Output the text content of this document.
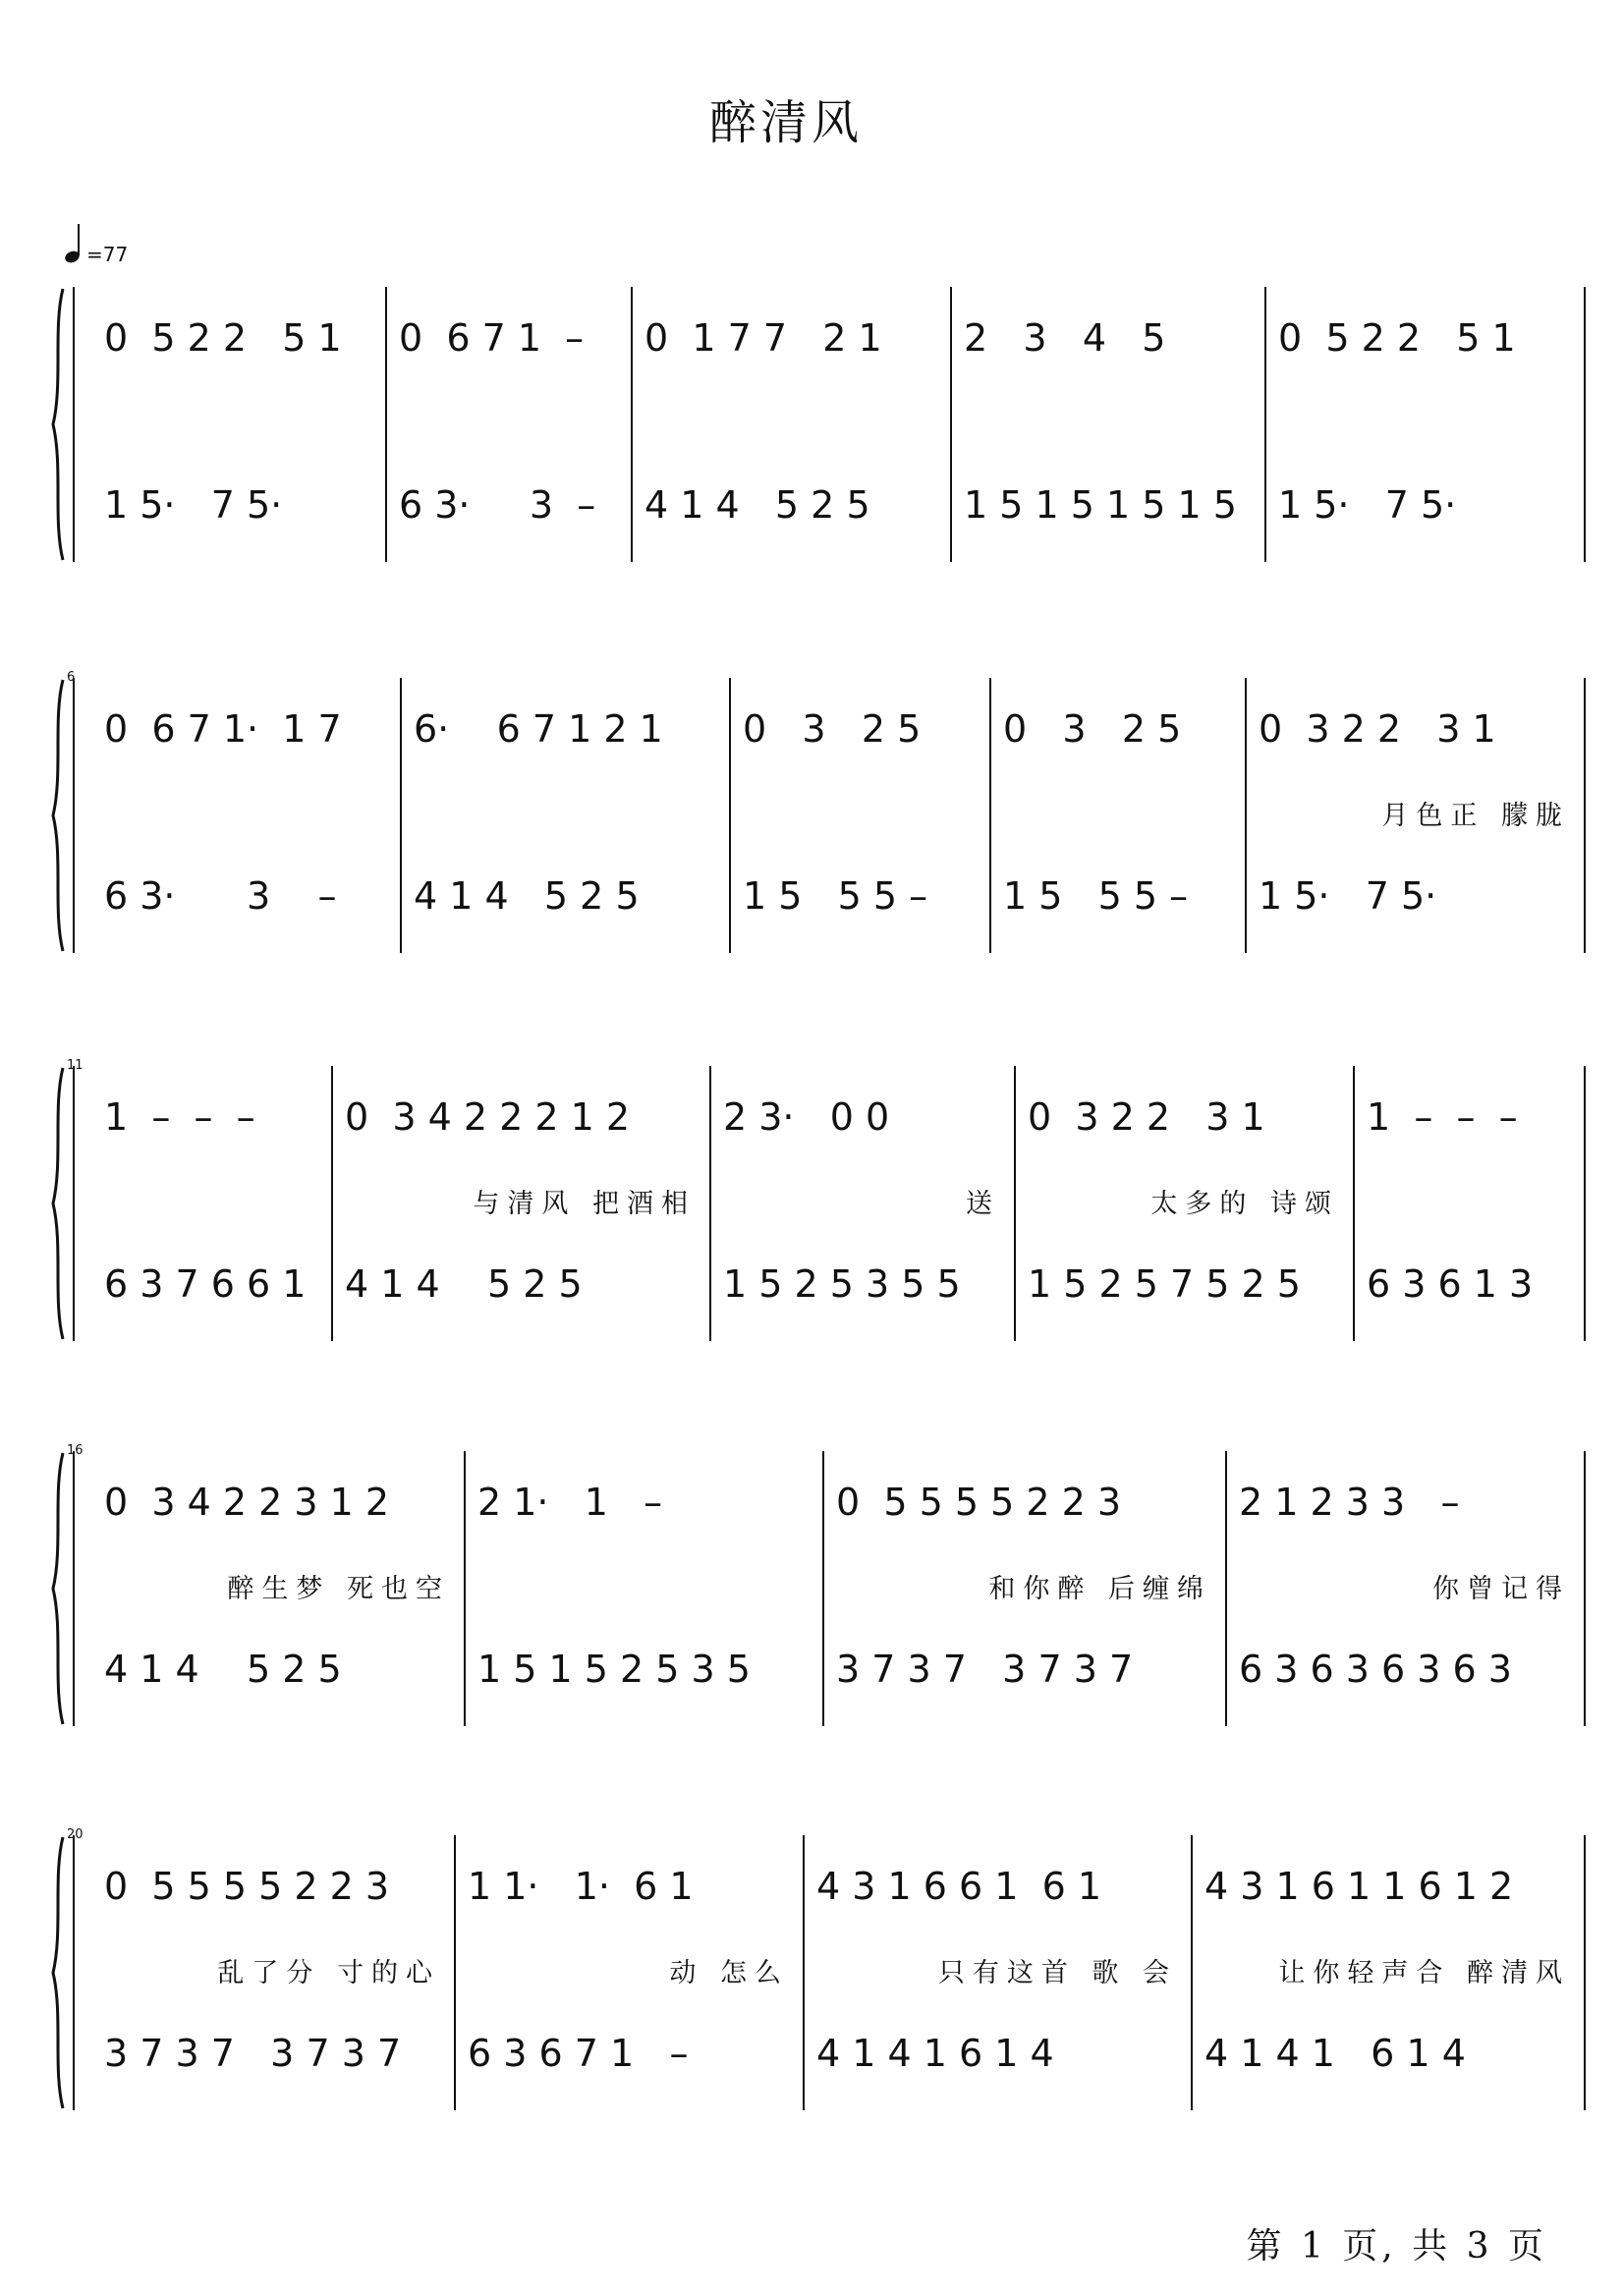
醉清风
=77
0  5 2 2   5 1
1 5·   7 5·
0  6 7 1  –
6 3·     3  –
0  1 7 7   2 1
4 1 4   5 2 5
2   3   4   5
1 5 1 5 1 5 1 5
0  5 2 2   5 1
1 5·   7 5·
6
0  6 7 1·  1 7
6 3·      3    –
6·    6 7 1 2 1
4 1 4   5 2 5
0   3   2 5
1 5   5 5 –
0   3   2 5
1 5   5 5 –
0  3 2 2   3 1
月色正 朦胧
1 5·   7 5·
11
1  –  –  –
6 3 7 6 6 1
0  3 4 2 2 2 1 2
与清风 把酒相
4 1 4    5 2 5
2 3·   0 0
送
1 5 2 5 3 5 5
0  3 2 2   3 1
太多的 诗颂
1 5 2 5 7 5 2 5
1  –  –  –
6 3 6 1 3
16
0  3 4 2 2 3 1 2
醉生梦 死也空
4 1 4    5 2 5
2 1·   1   –
1 5 1 5 2 5 3 5
0  5 5 5 5 2 2 3
和你醉 后缠绵
3 7 3 7   3 7 3 7
2 1 2 3 3   –
你曾记得
6 3 6 3 6 3 6 3
20
0  5 5 5 5 2 2 3
乱了分 寸的心
3 7 3 7   3 7 3 7
1 1·   1·  6 1
动 怎么
6 3 6 7 1   –
4 3 1 6 6 1  6 1
只有这首 歌 会
4 1 4 1 6 1 4
4 3 1 6 1 1 6 1 2
让你轻声合 醉清风
4 1 4 1   6 1 4
第 1 页, 共 3 页
